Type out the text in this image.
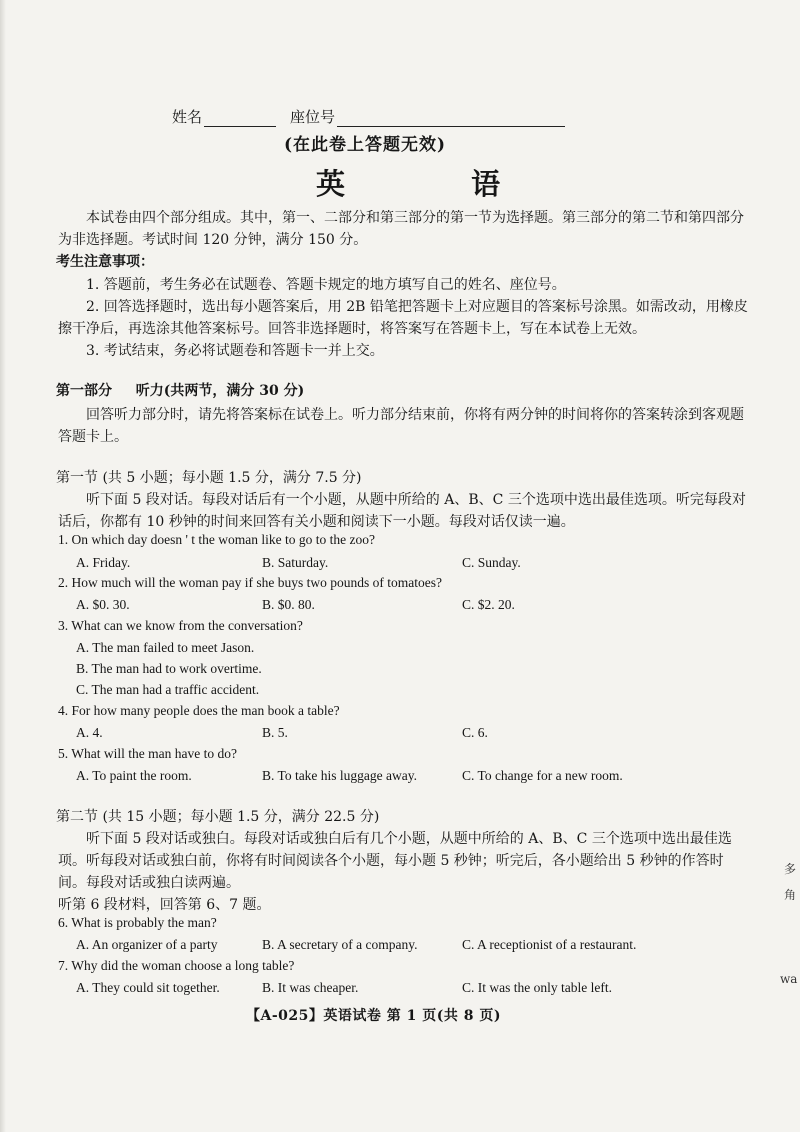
姓名	座位号
(在此卷上答题无效)
英 语
本试卷由四个部分组成。其中，第一、二部分和第三部分的第一节为选择题。第三部分的第二节和第四部分为非选择题。考试时间 120 分钟，满分 150 分。
考生注意事项：
1. 答题前，考生务必在试题卷、答题卡规定的地方填写自己的姓名、座位号。
2. 回答选择题时，选出每小题答案后，用 2B 铅笔把答题卡上对应题目的答案标号涂黑。如需改动，用橡皮擦干净后，再选涂其他答案标号。回答非选择题时，将答案写在答题卡上，写在本试卷上无效。
3. 考试结束，务必将试题卷和答题卡一并上交。
第一部分 听力(共两节，满分 30 分)
回答听力部分时，请先将答案标在试卷上。听力部分结束前，你将有两分钟的时间将你的答案转涂到客观题答题卡上。
第一节 (共 5 小题；每小题 1.5 分，满分 7.5 分)
听下面 5 段对话。每段对话后有一个小题，从题中所给的 A、B、C 三个选项中选出最佳选项。听完每段对话后，你都有 10 秒钟的时间来回答有关小题和阅读下一小题。每段对话仅读一遍。
1. On which day doesn ' t the woman like to go to the zoo?
A. Friday.	B. Saturday.	C. Sunday.
2. How much will the woman pay if she buys two pounds of tomatoes?
A. $0. 30.	B. $0. 80.	C. $2. 20.
3. What can we know from the conversation?
A. The man failed to meet Jason.
B. The man had to work overtime.
C. The man had a traffic accident.
4. For how many people does the man book a table?
A. 4.	B. 5.	C. 6.
5. What will the man have to do?
A. To paint the room.	B. To take his luggage away.	C. To change for a new room.
第二节 (共 15 小题；每小题 1.5 分，满分 22.5 分)
听下面 5 段对话或独白。每段对话或独白后有几个小题，从题中所给的 A、B、C 三个选项中选出最佳选项。听每段对话或独白前，你将有时间阅读各个小题，每小题 5 秒钟；听完后，各小题给出 5 秒钟的作答时间。每段对话或独白读两遍。
听第 6 段材料，回答第 6、7 题。
6. What is probably the man?
A. An organizer of a party	B. A secretary of a company.	C. A receptionist of a restaurant.
7. Why did the woman choose a long table?
A. They could sit together.	B. It was cheaper.	C. It was the only table left.
【A-025】英语试卷 第 1 页(共 8 页)
多
角
wa
